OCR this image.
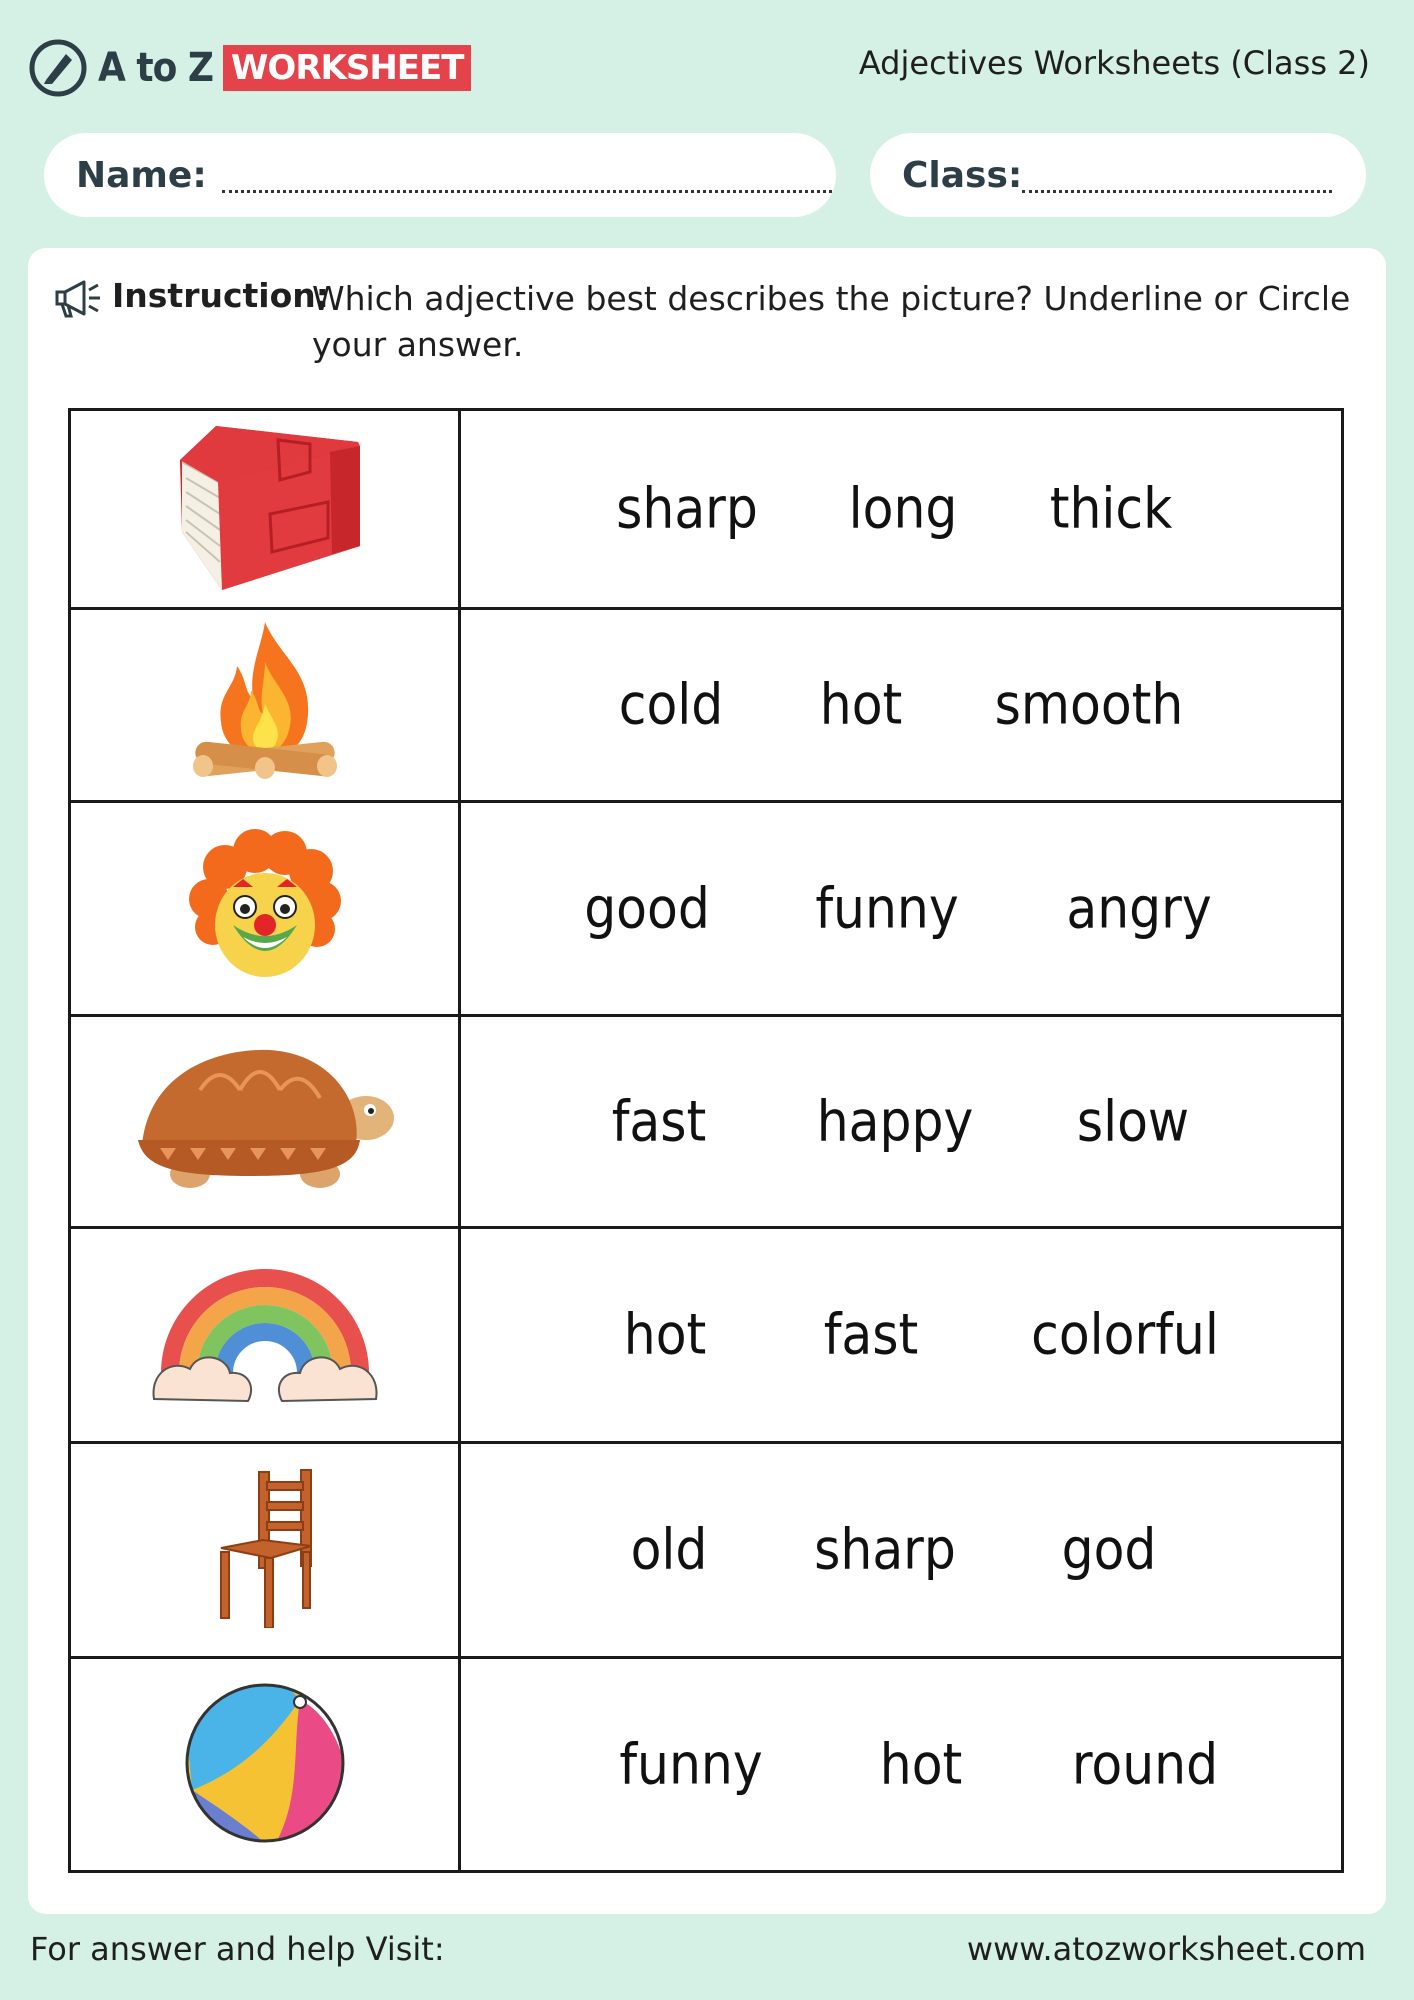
A to Z WORKSHEET	Adjectives Worksheets (Class 2)
Name:	Class:
Instruction:
Which adjective best describes the picture? Underline or Circle your answer.

sharp long thick

cold hot smooth

good funny angry

fast happy slow

hot fast colorful

old sharp god

funny hot round
For answer and help Visit:	www.atozworksheet.com
